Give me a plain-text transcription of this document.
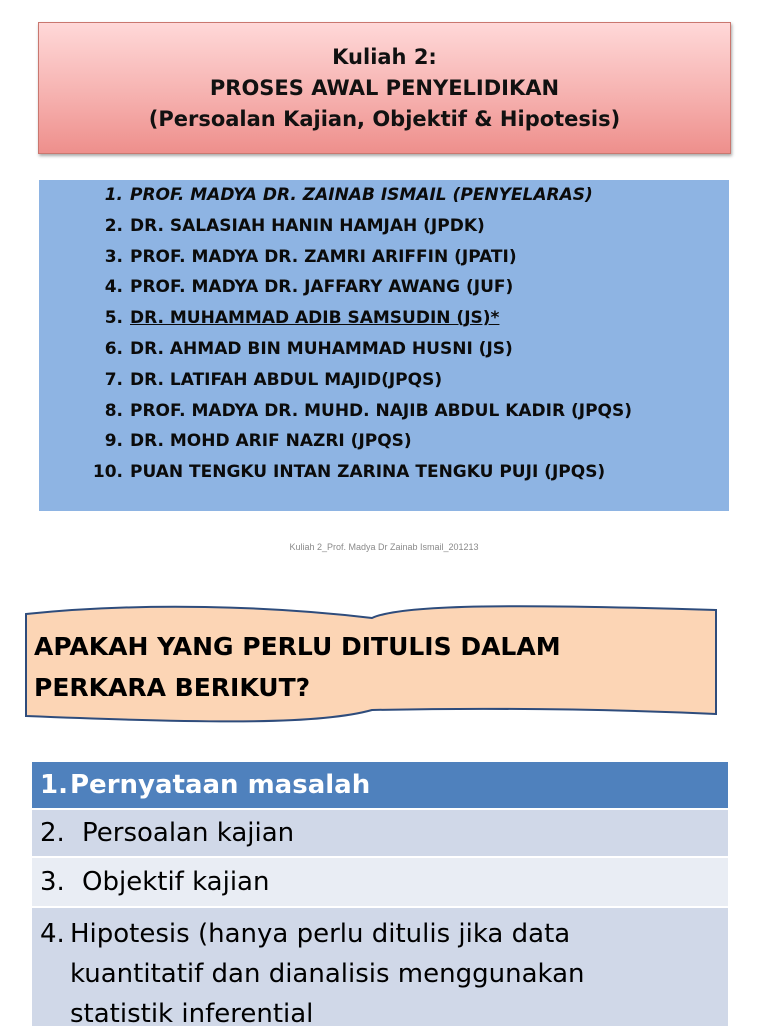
Kuliah 2:
PROSES AWAL PENYELIDIKAN
(Persoalan Kajian, Objektif & Hipotesis)
1. PROF. MADYA DR. ZAINAB ISMAIL (PENYELARAS)
2. DR. SALASIAH HANIN HAMJAH (JPDK)
3. PROF. MADYA DR. ZAMRI ARIFFIN (JPATI)
4. PROF. MADYA DR. JAFFARY AWANG (JUF)
5. DR. MUHAMMAD ADIB SAMSUDIN (JS)*
6. DR. AHMAD BIN MUHAMMAD HUSNI (JS)
7. DR. LATIFAH ABDUL MAJID(JPQS)
8. PROF. MADYA DR. MUHD. NAJIB ABDUL KADIR (JPQS)
9. DR. MOHD ARIF NAZRI (JPQS)
10. PUAN TENGKU INTAN ZARINA TENGKU PUJI (JPQS)
Kuliah 2_Prof. Madya Dr Zainab Ismail_201213
APAKAH YANG PERLU DITULIS DALAM PERKARA BERIKUT?
1. Pernyataan masalah
2. Persoalan kajian
3. Objektif kajian
4. Hipotesis (hanya perlu ditulis jika data kuantitatif dan dianalisis menggunakan statistik inferential
